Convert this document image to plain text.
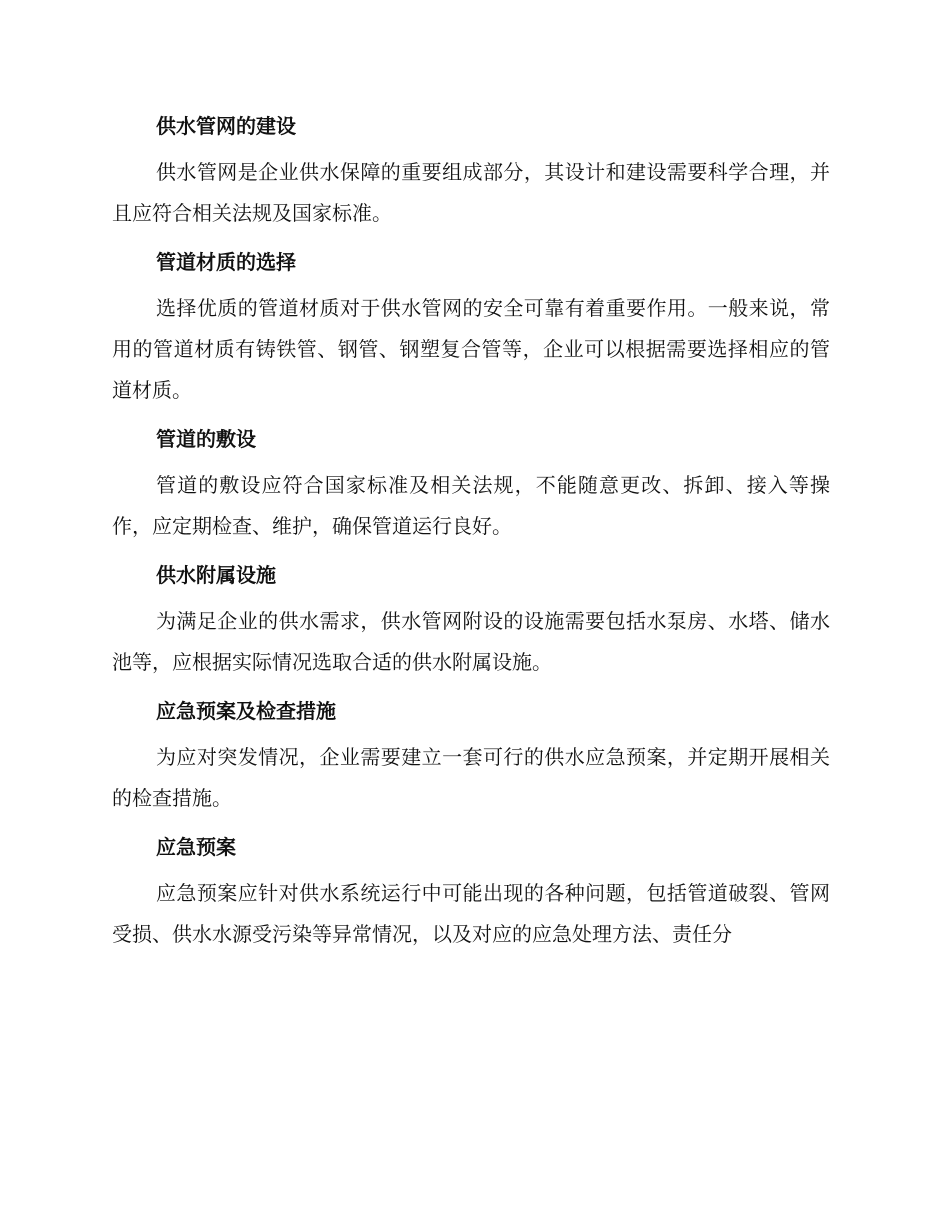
供水管网的建设

供水管网是企业供水保障的重要组成部分，其设计和建设需要科学合理，并且应符合相关法规及国家标准。

管道材质的选择

选择优质的管道材质对于供水管网的安全可靠有着重要作用。一般来说，常用的管道材质有铸铁管、钢管、钢塑复合管等，企业可以根据需要选择相应的管道材质。

管道的敷设

管道的敷设应符合国家标准及相关法规，不能随意更改、拆卸、接入等操作，应定期检查、维护，确保管道运行良好。

供水附属设施

为满足企业的供水需求，供水管网附设的设施需要包括水泵房、水塔、储水池等，应根据实际情况选取合适的供水附属设施。

应急预案及检查措施

为应对突发情况，企业需要建立一套可行的供水应急预案，并定期开展相关的检查措施。

应急预案

应急预案应针对供水系统运行中可能出现的各种问题，包括管道破裂、管网受损、供水水源受污染等异常情况，以及对应的应急处理方法、责任分
